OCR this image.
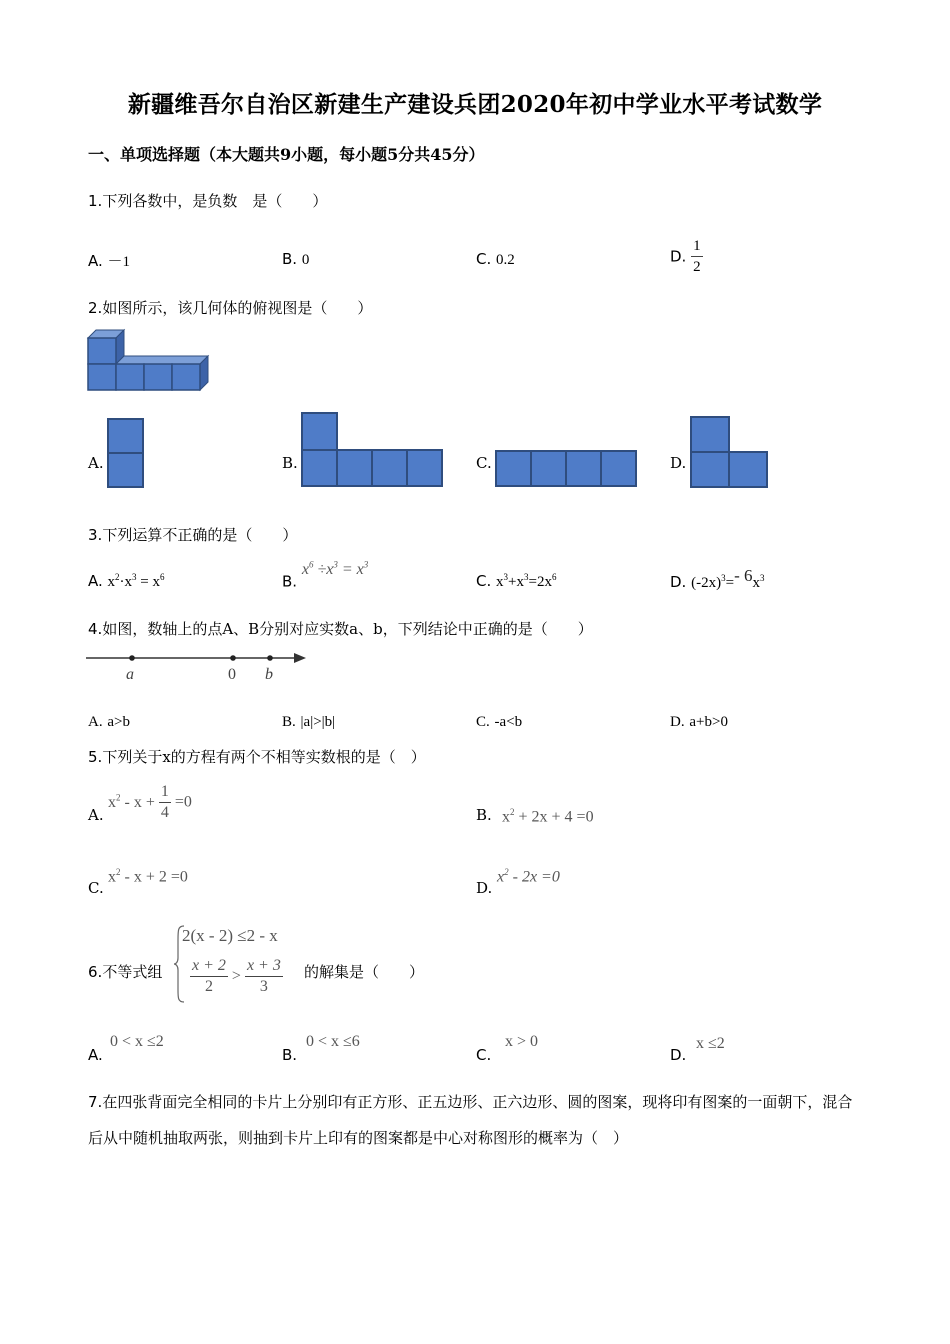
新疆维吾尔自治区新建生产建设兵团2020年初中学业水平考试数学
一、单项选择题（本大题共9小题，每小题5分共45分）
1.下列各数中，是负数　是（　　）
A. －1	B. 0	C. 0.2	D. $\frac{1}{2}$
2.如图所示，该几何体的俯视图是（　　）
A.	B.	C.	D.
3.下列运算不正确的是（　　）
A. $x^2\cdot x^3 = x^6$	B. $x^6 \div x^3 = x^3$
C. $x^3+x^3=2x^6$	D. $(-2x)^3=-$ $6x^3$
4.如图，数轴上的点A、B分别对应实数a、b，下列结论中正确的是（　　）
a	0 b
A. a>b	B. |a|>|b|	C. -a<b	D. a+b>0
5.下列关于x的方程有两个不相等实数根的是（　）
A.
$x^2 - x + \frac{1}{4} =0$
B. $x^2 + 2x + 4 =0$
C.
$x^2 - x + 2 =0$
D.
$x^2 - 2x =0$
6.不等式组
2(x - 2) ≤2 - x
$\frac{x + 2}{2} > \frac{x + 3}{3}$ 的解集是（　　）
A.
0 < x ≤2
B.
0 < x ≤6
C.
x > 0
D.
x ≤2
7.在四张背面完全相同的卡片上分别印有正方形、正五边形、正六边形、圆的图案，现将印有图案的一面朝下，混合后从中随机抽取两张，则抽到卡片上印有的图案都是中心对称图形的概率为（　）
